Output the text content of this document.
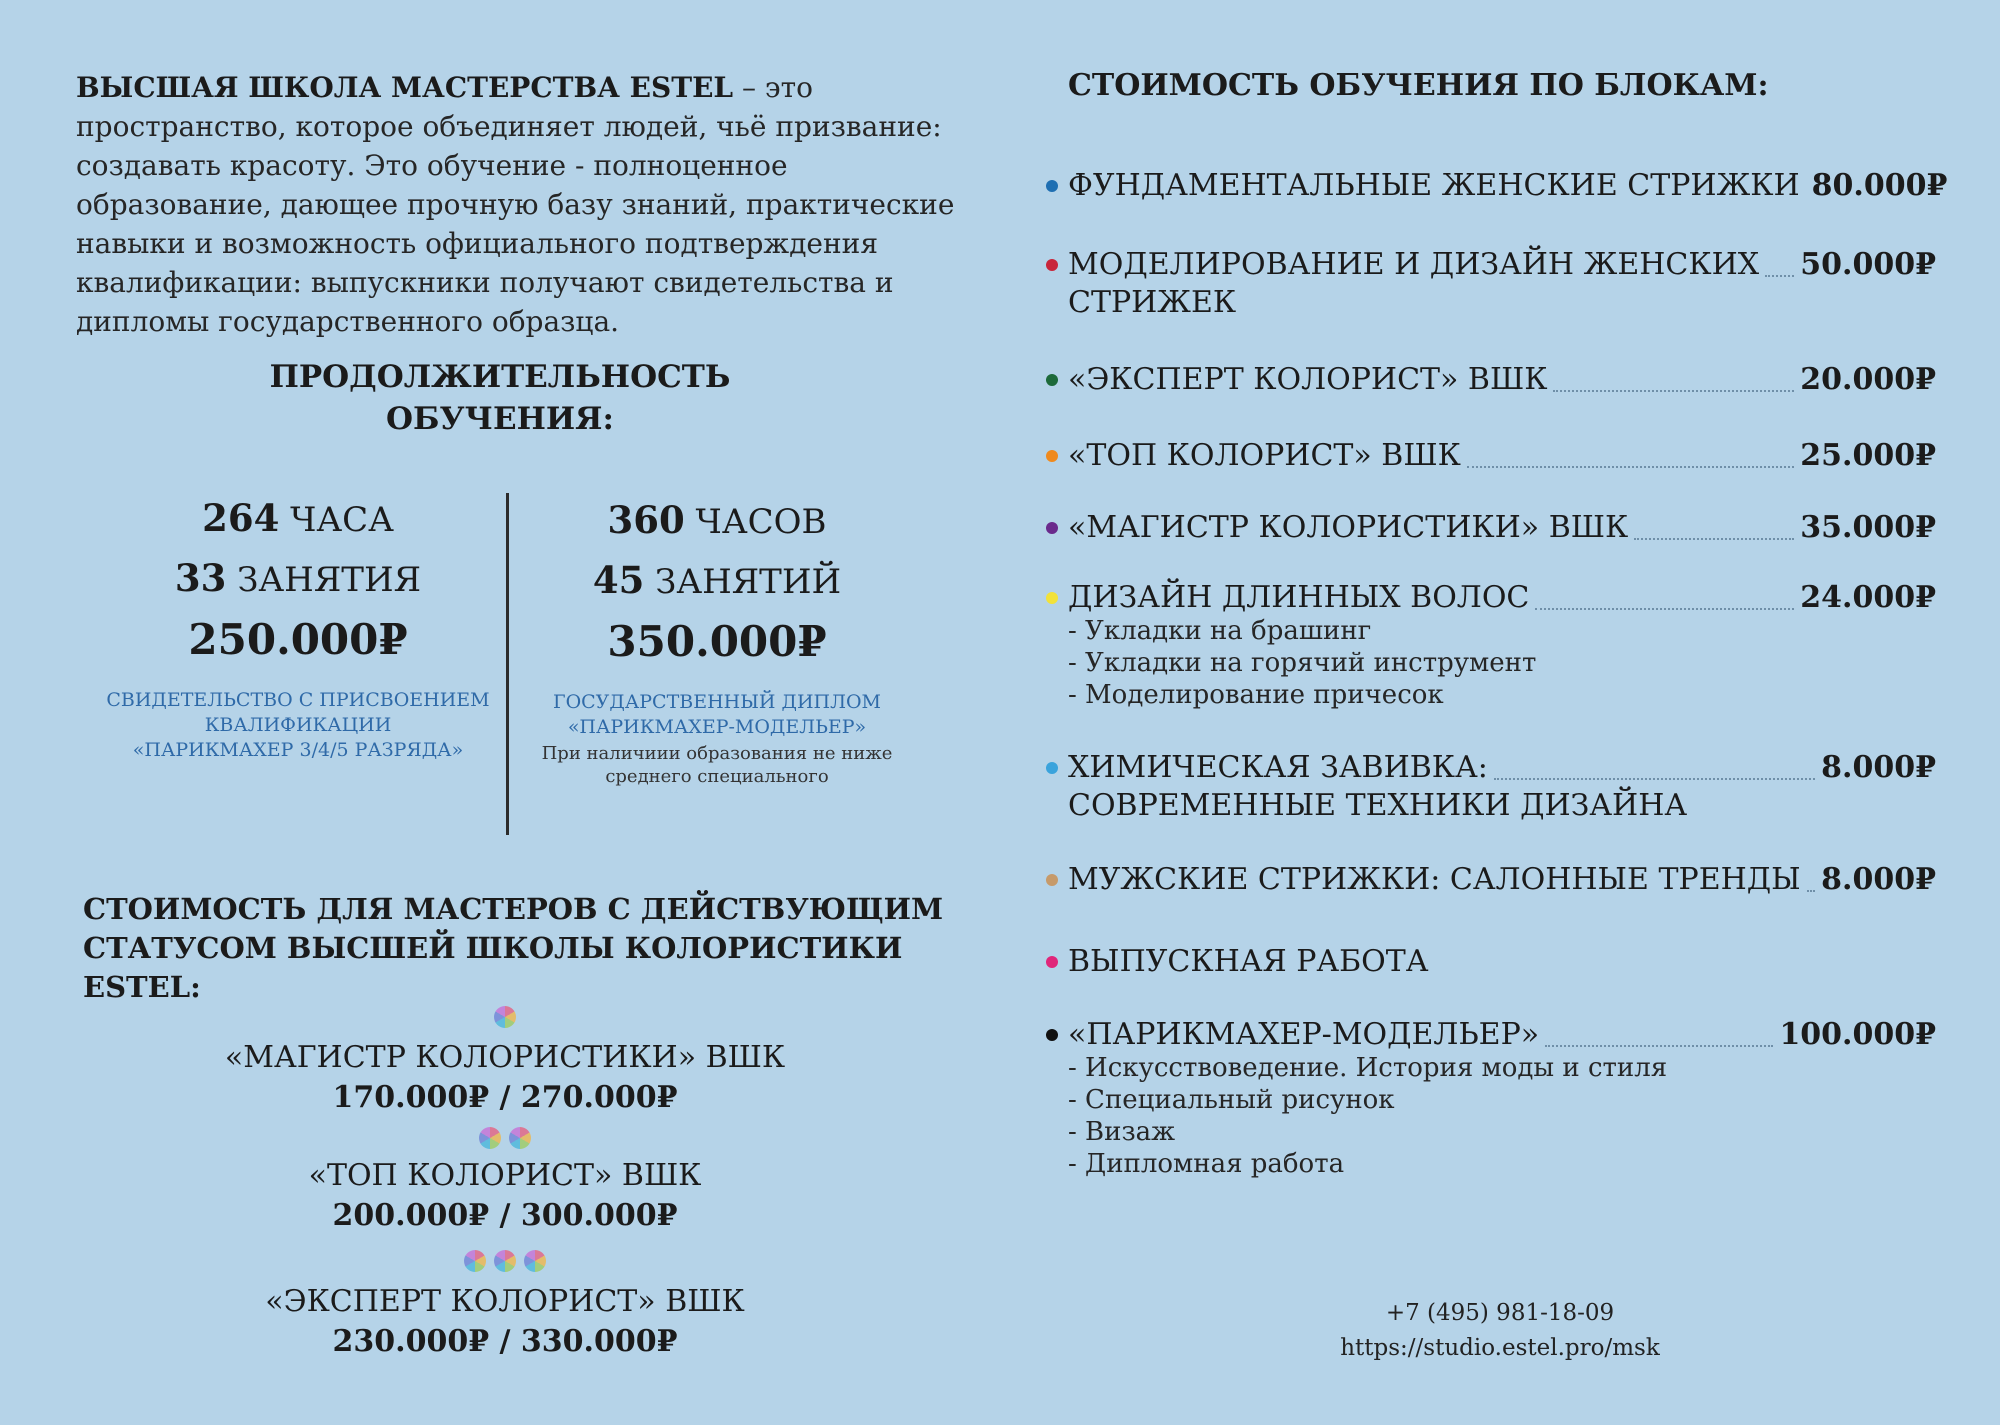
ВЫСШАЯ ШКОЛА МАСТЕРСТВА ESTEL – это пространство, которое объединяет людей, чьё призвание: создавать красоту. Это обучение - полноценное образование, дающее прочную базу знаний, практические навыки и возможность официального подтверждения квалификации: выпускники получают свидетельства и дипломы государственного образца.
ПРОДОЛЖИТЕЛЬНОСТЬ
ОБУЧЕНИЯ:
264 ЧАСА
33 ЗАНЯТИЯ
250.000₽
СВИДЕТЕЛЬСТВО С ПРИСВОЕНИЕМ
КВАЛИФИКАЦИИ
«ПАРИКМАХЕР 3/4/5 РАЗРЯДА»
360 ЧАСОВ
45 ЗАНЯТИЙ
350.000₽
ГОСУДАРСТВЕННЫЙ ДИПЛОМ
«ПАРИКМАХЕР-МОДЕЛЬЕР»
При наличиии образования не ниже
среднего специального
СТОИМОСТЬ ДЛЯ МАСТЕРОВ С ДЕЙСТВУЮЩИМ
СТАТУСОМ ВЫСШЕЙ ШКОЛЫ КОЛОРИСТИКИ ESTEL:
«МАГИСТР КОЛОРИСТИКИ» ВШК
170.000₽ / 270.000₽
«ТОП КОЛОРИСТ» ВШК
200.000₽ / 300.000₽
«ЭКСПЕРТ КОЛОРИСТ» ВШК
230.000₽ / 330.000₽
СТОИМОСТЬ ОБУЧЕНИЯ ПО БЛОКАМ:
ФУНДАМЕНТАЛЬНЫЕ ЖЕНСКИЕ СТРИЖКИ 80.000₽
МОДЕЛИРОВАНИЕ И ДИЗАЙН ЖЕНСКИХ 50.000₽
СТРИЖЕК
«ЭКСПЕРТ КОЛОРИСТ» ВШК	20.000₽
«ТОП КОЛОРИСТ» ВШК	25.000₽
«МАГИСТР КОЛОРИСТИКИ» ВШК	35.000₽
ДИЗАЙН ДЛИННЫХ ВОЛОС	24.000₽
- Укладки на брашинг
- Укладки на горячий инструмент
- Моделирование причесок
ХИМИЧЕСКАЯ ЗАВИВКА:	8.000₽
СОВРЕМЕННЫЕ ТЕХНИКИ ДИЗАЙНА
МУЖСКИЕ СТРИЖКИ: САЛОННЫЕ ТРЕНДЫ 8.000₽
ВЫПУСКНАЯ РАБОТА
«ПАРИКМАХЕР-МОДЕЛЬЕР»	100.000₽
- Искусствоведение. История моды и стиля
- Специальный рисунок
- Визаж
- Дипломная работа
+7 (495) 981-18-09
https://studio.estel.pro/msk
